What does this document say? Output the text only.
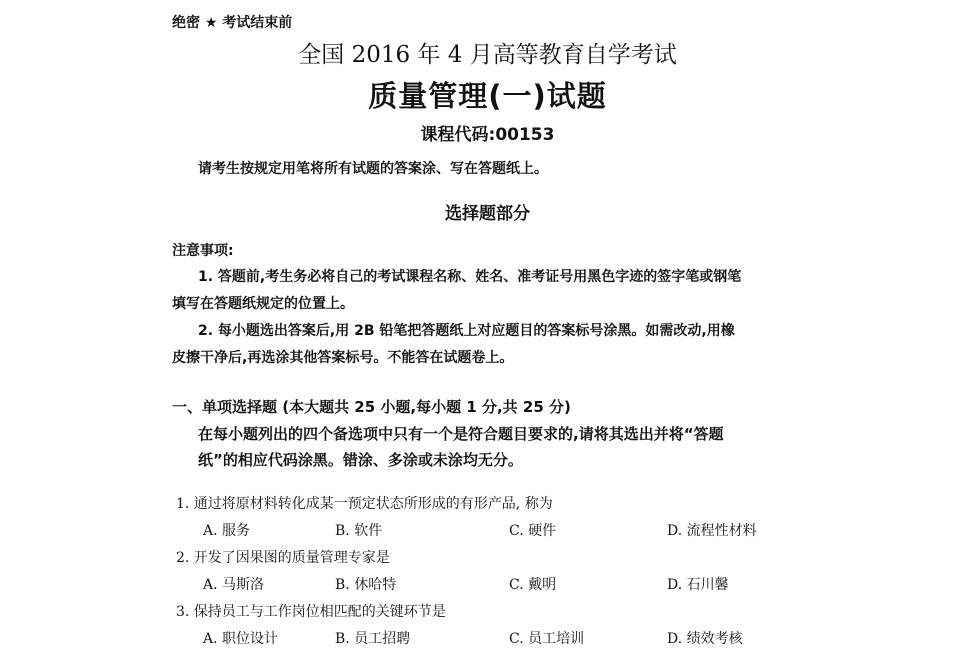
绝密 ★ 考试结束前
全国 2016 年 4 月高等教育自学考试
质量管理(一)试题
课程代码:00153
请考生按规定用笔将所有试题的答案涂、写在答题纸上。
选择题部分
注意事项:
1. 答题前,考生务必将自己的考试课程名称、姓名、准考证号用黑色字迹的签字笔或钢笔
填写在答题纸规定的位置上。
2. 每小题选出答案后,用 2B 铅笔把答题纸上对应题目的答案标号涂黑。如需改动,用橡
皮擦干净后,再选涂其他答案标号。不能答在试题卷上。
一、单项选择题 (本大题共 25 小题,每小题 1 分,共 25 分)
在每小题列出的四个备选项中只有一个是符合题目要求的,请将其选出并将“答题
纸”的相应代码涂黑。错涂、多涂或未涂均无分。
1. 通过将原材料转化成某一预定状态所形成的有形产品, 称为
A. 服务	B. 软件	C. 硬件	D. 流程性材料
2. 开发了因果图的质量管理专家是
A. 马斯洛	B. 休哈特	C. 戴明	D. 石川馨
3. 保持员工与工作岗位相匹配的关键环节是
A. 职位设计	B. 员工招聘	C. 员工培训	D. 绩效考核
